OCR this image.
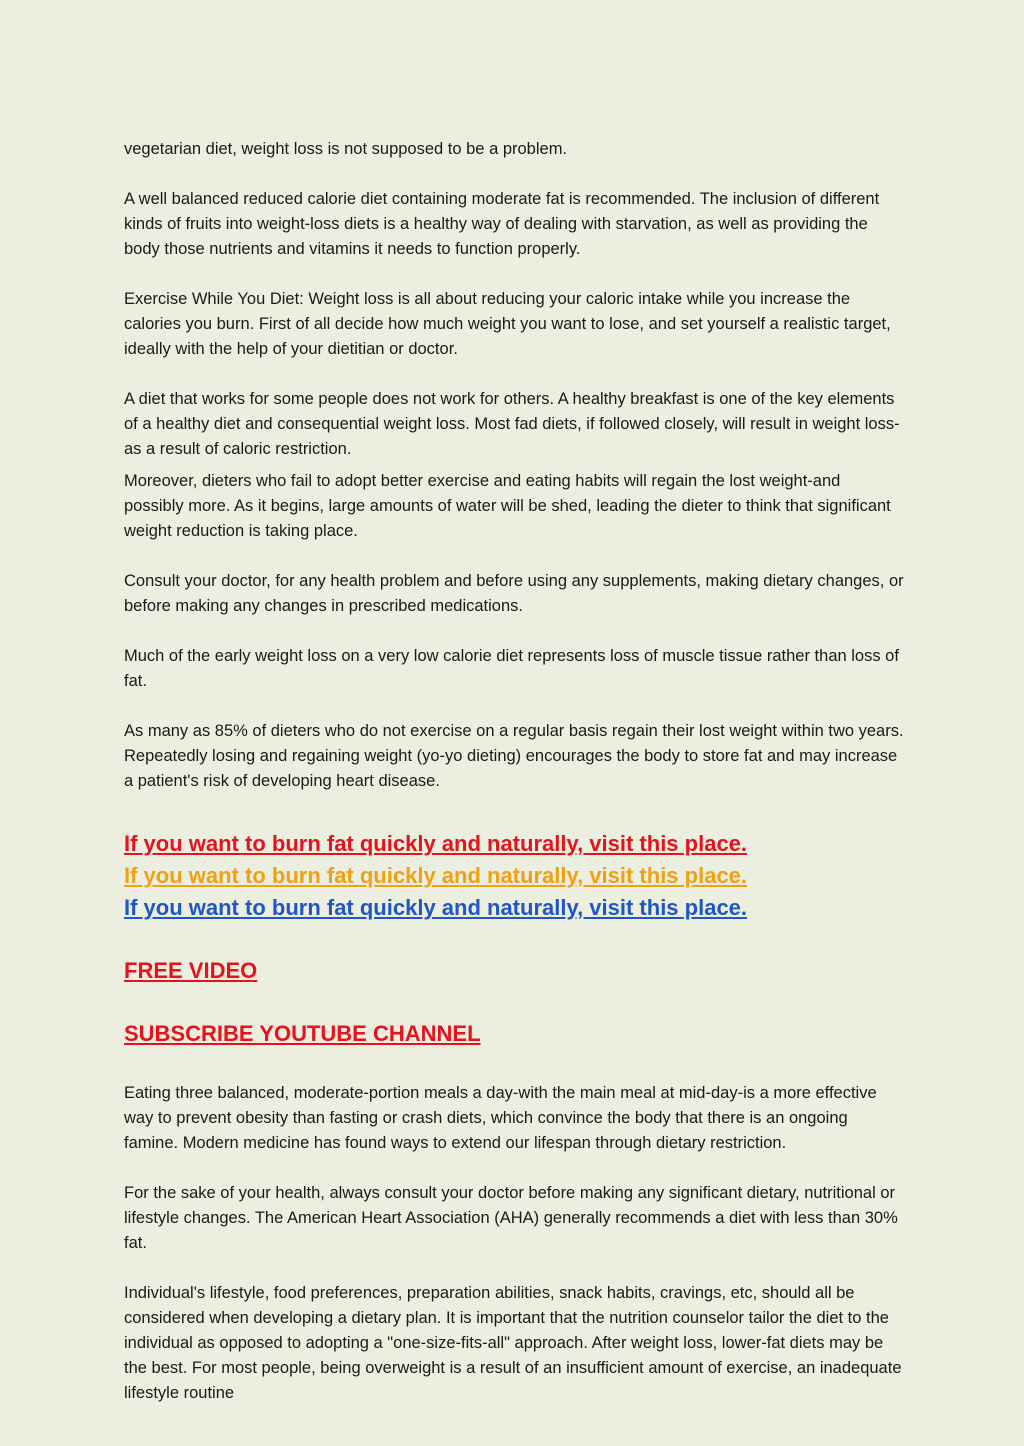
vegetarian diet, weight loss is not supposed to be a problem.

A well balanced reduced calorie diet containing moderate fat is recommended. The inclusion of different kinds of fruits into weight-loss diets is a healthy way of dealing with starvation, as well as providing the body those nutrients and vitamins it needs to function properly.

Exercise While You Diet: Weight loss is all about reducing your caloric intake while you increase the calories you burn. First of all decide how much weight you want to lose, and set yourself a realistic target, ideally with the help of your dietitian or doctor.

A diet that works for some people does not work for others. A healthy breakfast is one of the key elements of a healthy diet and consequential weight loss. Most fad diets, if followed closely, will result in weight loss-as a result of caloric restriction.

Moreover, dieters who fail to adopt better exercise and eating habits will regain the lost weight-and possibly more. As it begins, large amounts of water will be shed, leading the dieter to think that significant weight reduction is taking place.

Consult your doctor, for any health problem and before using any supplements, making dietary changes, or before making any changes in prescribed medications.

Much of the early weight loss on a very low calorie diet represents loss of muscle tissue rather than loss of fat.

As many as 85% of dieters who do not exercise on a regular basis regain their lost weight within two years. Repeatedly losing and regaining weight (yo-yo dieting) encourages the body to store fat and may increase a patient's risk of developing heart disease.

If you want to burn fat quickly and naturally, visit this place.
If you want to burn fat quickly and naturally, visit this place.
If you want to burn fat quickly and naturally, visit this place.
FREE VIDEO
SUBSCRIBE YOUTUBE CHANNEL

Eating three balanced, moderate-portion meals a day-with the main meal at mid-day-is a more effective way to prevent obesity than fasting or crash diets, which convince the body that there is an ongoing famine. Modern medicine has found ways to extend our lifespan through dietary restriction.

For the sake of your health, always consult your doctor before making any significant dietary, nutritional or lifestyle changes. The American Heart Association (AHA) generally recommends a diet with less than 30% fat.

Individual's lifestyle, food preferences, preparation abilities, snack habits, cravings, etc, should all be considered when developing a dietary plan. It is important that the nutrition counselor tailor the diet to the individual as opposed to adopting a "one-size-fits-all" approach. After weight loss, lower-fat diets may be the best. For most people, being overweight is a result of an insufficient amount of exercise, an inadequate lifestyle routine
